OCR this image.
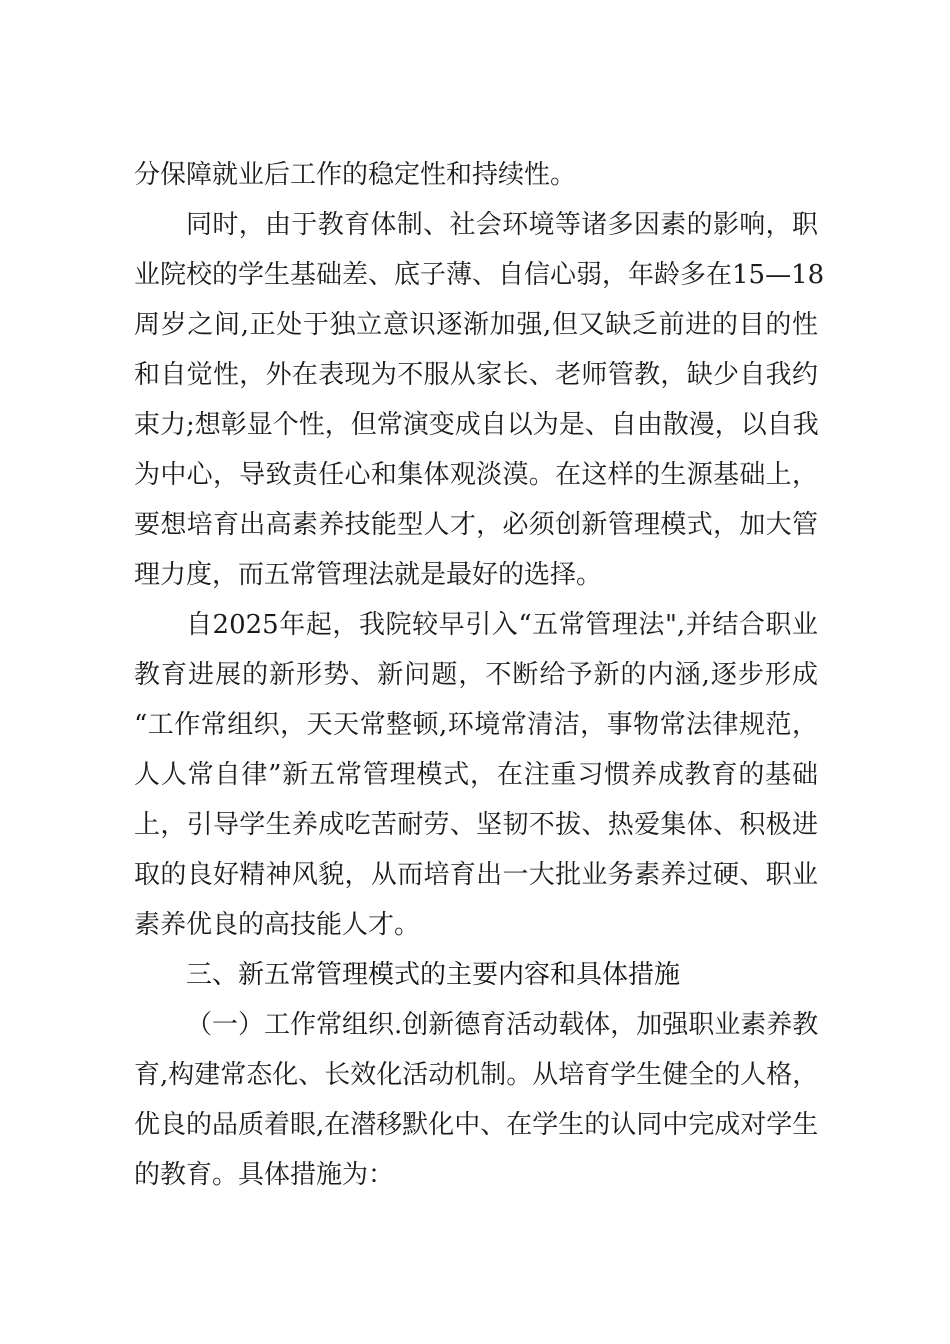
分保障就业后工作的稳定性和持续性。
同时，由于教育体制、社会环境等诸多因素的影响，职
业院校的学生基础差、底子薄、自信心弱，年龄多在15—18
周岁之间,正处于独立意识逐渐加强,但又缺乏前进的目的性
和自觉性，外在表现为不服从家长、老师管教，缺少自我约
束力;想彰显个性，但常演变成自以为是、自由散漫，以自我
为中心，导致责任心和集体观淡漠。在这样的生源基础上，
要想培育出高素养技能型人才，必须创新管理模式，加大管
理力度，而五常管理法就是最好的选择。
自2025年起，我院较早引入“五常管理法",并结合职业
教育进展的新形势、新问题，不断给予新的内涵,逐步形成
“工作常组织，天天常整顿,环境常清洁，事物常法律规范，
人人常自律”新五常管理模式，在注重习惯养成教育的基础
上，引导学生养成吃苦耐劳、坚韧不拔、热爱集体、积极进
取的良好精神风貌，从而培育出一大批业务素养过硬、职业
素养优良的高技能人才。
三、新五常管理模式的主要内容和具体措施
（一）工作常组织.创新德育活动载体，加强职业素养教
育,构建常态化、长效化活动机制。从培育学生健全的人格，
优良的品质着眼,在潜移默化中、在学生的认同中完成对学生
的教育。具体措施为：
